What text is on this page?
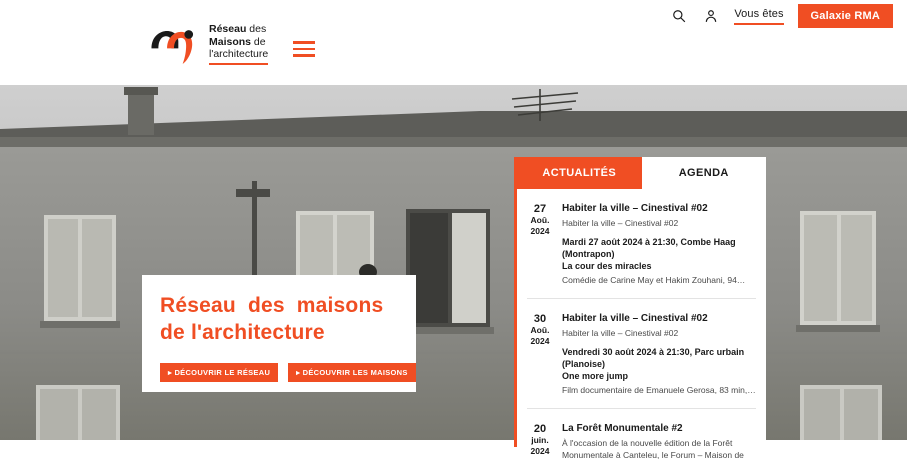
Vous êtes	Galaxie RMA
Réseau des
Maisons de
l'architecture
Réseau des maisons
de l'architecture
▸ DÉCOUVRIR LE RÉSEAU	▸ DÉCOUVRIR LES MAISONS
ACTUALITÉS	AGENDA
27
Aoû.
2024
Habiter la ville – Cinestival #02
Habiter la ville – Cinestival #02
Mardi 27 août 2024 à 21:30, Combe Haag (Montrapon)
La cour des miracles
Comédie de Carine May et Hakim Zouhani, 94…
30
Aoû.
2024
Habiter la ville – Cinestival #02
Habiter la ville – Cinestival #02
Vendredi 30 août 2024 à 21:30, Parc urbain (Planoise)
One more jump
Film documentaire de Emanuele Gerosa, 83 min,…
20
juin.
2024
La Forêt Monumentale #2
À l'occasion de la nouvelle édition de la Forêt Monumentale à Canteleu, le Forum – Maison de
